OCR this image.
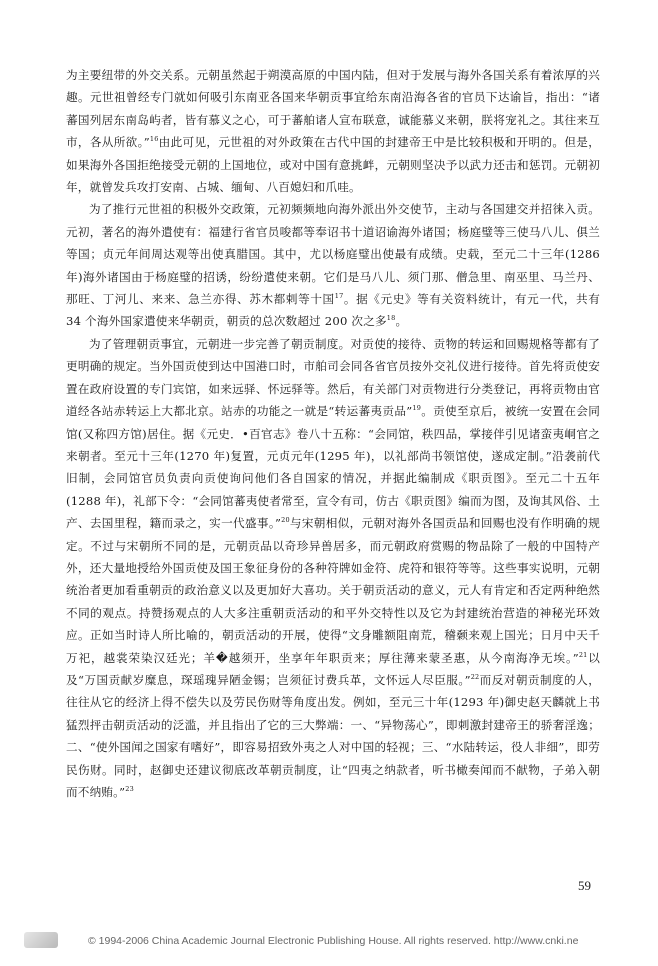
为主要纽带的外交关系。元朝虽然起于朔漠高原的中国内陆，但对于发展与海外各国关系有着浓厚的兴趣。元世祖曾经专门就如何吸引东南亚各国来华朝贡事宜给东南沿海各省的官员下达谕旨，指出：“诸蕃国列居东南岛屿者，皆有慕义之心，可于蕃舶诸人宣布联意，诚能慕义来朝，朕将宠礼之。其往来互市，各从所欲。”$^{16}$由此可见，元世祖的对外政策在古代中国的封建帝王中是比较积极和开明的。但是，如果海外各国拒绝接受元朝的上国地位，或对中国有意挑衅，元朝则坚决予以武力还击和惩罚。元朝初年，就曾发兵攻打安南、占城、缅甸、八百媳妇和爪哇。

为了推行元世祖的积极外交政策，元初频频地向海外派出外交使节，主动与各国建交并招徕入贡。元初，著名的海外遣使有：福建行省官员唆都等奉诏书十道诏谕海外诸国；杨庭璧等三使马八儿、俱兰等国；贞元年间周达观等出使真腊国。其中，尤以杨庭璧出使最有成绩。史载，至元二十三年(1286 年)海外诸国由于杨庭璧的招诱，纷纷遣使来朝。它们是马八儿、须门那、僧急里、南巫里、马兰丹、那旺、丁河儿、来来、急兰亦得、苏木都剌等十国$^{17}$。据《元史》等有关资料统计，有元一代，共有 34 个海外国家遣使来华朝贡，朝贡的总次数超过 200 次之多$^{18}$。

为了管理朝贡事宜，元朝进一步完善了朝贡制度。对贡使的接待、贡物的转运和回赐规格等都有了更明确的规定。当外国贡使到达中国港口时，市舶司会同各省官员按外交礼仪进行接待。首先将贡使安置在政府设置的专门宾馆，如来远驿、怀远驿等。然后，有关部门对贡物进行分类登记，再将贡物由官道经各站赤转运上大都北京。站赤的功能之一就是“转运蕃夷贡品”$^{19}$。贡使至京后，被统一安置在会同馆(又称四方馆)居住。据《元史．•百官志》卷八十五称：“会同馆，秩四品，掌接伴引见诸蛮夷峒官之来朝者。至元十三年(1270 年)复置，元贞元年(1295 年)，以礼部尚书领馆使，遂成定制。”沿袭前代旧制，会同馆官员负责向贡使询问他们各自国家的情况，并据此编制成《职贡图》。至元二十五年(1288 年)，礼部下令：“会同馆蕃夷使者常至，宣令有司，仿古《职贡图》编而为图，及询其风俗、土产、去国里程，籍而录之，实一代盛事。”$^{20}$与宋朝相似，元朝对海外各国贡品和回赐也没有作明确的规定。不过与宋朝所不同的是，元朝贡品以奇珍异兽居多，而元朝政府赏赐的物品除了一般的中国特产外，还大量地授给外国贡使及国王象征身份的各种符牌如金符、虎符和银符等等。这些事实说明，元朝统治者更加看重朝贡的政治意义以及更加好大喜功。关于朝贡活动的意义，元人有肯定和否定两种绝然不同的观点。持赞扬观点的人大多注重朝贡活动的和平外交特性以及它为封建统治营造的神秘光环效应。正如当时诗人所比喻的，朝贡活动的开展，使得“文身雕额阻南荒，稽颡来观上国光；日月中天千万祀，越裳荣染汉廷光；羊�越须开，坐享年年职贡来；厚往薄来蒙圣惠，从今南海净无埃。”$^{21}$以及“万国贡献岁糜息，琛瑶瑰异陋金锡；岂须征讨费兵革，文怀远人尽臣服。”$^{22}$而反对朝贡制度的人，往往从它的经济上得不偿失以及劳民伤财等角度出发。例如，至元三十年(1293 年)御史赵天麟就上书猛烈抨击朝贡活动的泛滥，并且指出了它的三大弊端：一、“异物荡心”，即刺激封建帝王的骄奢淫逸；二、“使外国闻之国家有嗜好”，即容易招致外夷之人对中国的轻视；三、“水陆转运，役人非细”，即劳民伤财。同时，赵御史还建议彻底改革朝贡制度，让“四夷之纳款者，听书橄奏闻而不献物，子弟入朝而不纳贿。”$^{23}$

59
© 1994-2006 China Academic Journal Electronic Publishing House. All rights reserved. http://www.cnki.ne
